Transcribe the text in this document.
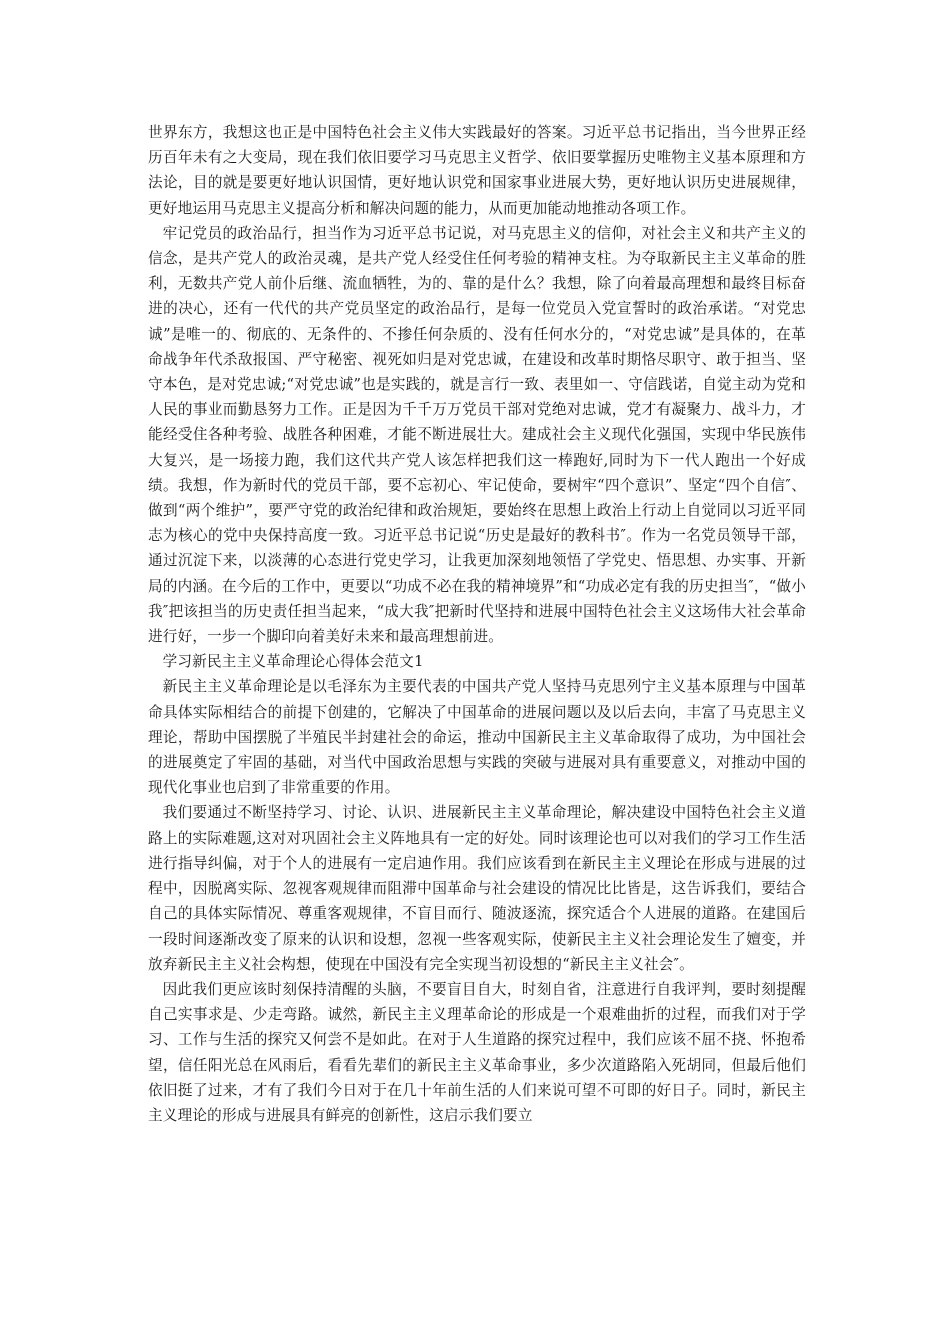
世界东方，我想这也正是中国特色社会主义伟大实践最好的答案。习近平总书记指出，当今世界正经历百年未有之大变局，现在我们依旧要学习马克思主义哲学、依旧要掌握历史唯物主义基本原理和方法论，目的就是要更好地认识国情，更好地认识党和国家事业进展大势，更好地认识历史进展规律，更好地运用马克思主义提高分析和解决问题的能力，从而更加能动地推动各项工作。

牢记党员的政治品行，担当作为习近平总书记说，对马克思主义的信仰，对社会主义和共产主义的信念，是共产党人的政治灵魂，是共产党人经受住任何考验的精神支柱。为夺取新民主主义革命的胜利，无数共产党人前仆后继、流血牺牲，为的、靠的是什么？我想，除了向着最高理想和最终目标奋进的决心，还有一代代的共产党员坚定的政治品行，是每一位党员入党宣誓时的政治承诺。“对党忠诚”是唯一的、彻底的、无条件的、不掺任何杂质的、没有任何水分的，“对党忠诚”是具体的，在革命战争年代杀敌报国、严守秘密、视死如归是对党忠诚，在建设和改革时期恪尽职守、敢于担当、坚守本色，是对党忠诚;“对党忠诚”也是实践的，就是言行一致、表里如一、守信践诺，自觉主动为党和人民的事业而勤恳努力工作。正是因为千千万万党员干部对党绝对忠诚，党才有凝聚力、战斗力，才能经受住各种考验、战胜各种困难，才能不断进展壮大。建成社会主义现代化强国，实现中华民族伟大复兴，是一场接力跑，我们这代共产党人该怎样把我们这一棒跑好,同时为下一代人跑出一个好成绩。我想，作为新时代的党员干部，要不忘初心、牢记使命，要树牢“四个意识”、坚定“四个自信″、做到“两个维护”，要严守党的政治纪律和政治规矩，要始终在思想上政治上行动上自觉同以习近平同志为核心的党中央保持高度一致。习近平总书记说“历史是最好的教科书″。作为一名党员领导干部，通过沉淀下来，以淡薄的心态进行党史学习，让我更加深刻地领悟了学党史、悟思想、办实事、开新局的内涵。在今后的工作中，更要以“功成不必在我的精神境界”和“功成必定有我的历史担当″，“做小我″把该担当的历史责任担当起来，“成大我″把新时代坚持和进展中国特色社会主义这场伟大社会革命进行好，一步一个脚印向着美好未来和最高理想前进。

学习新民主主义革命理论心得体会范文1

新民主主义革命理论是以毛泽东为主要代表的中国共产党人坚持马克思列宁主义基本原理与中国革命具体实际相结合的前提下创建的，它解决了中国革命的进展问题以及以后去向，丰富了马克思主义理论，帮助中国摆脱了半殖民半封建社会的命运，推动中国新民主主义革命取得了成功，为中国社会的进展奠定了牢固的基础，对当代中国政治思想与实践的突破与进展对具有重要意义，对推动中国的现代化事业也启到了非常重要的作用。

我们要通过不断坚持学习、讨论、认识、进展新民主主义革命理论，解决建设中国特色社会主义道路上的实际难题,这对对巩固社会主义阵地具有一定的好处。同时该理论也可以对我们的学习工作生活进行指导纠偏，对于个人的进展有一定启迪作用。我们应该看到在新民主主义理论在形成与进展的过程中，因脱离实际、忽视客观规律而阻滞中国革命与社会建设的情况比比皆是，这告诉我们，要结合自己的具体实际情况、尊重客观规律，不盲目而行、随波逐流，探究适合个人进展的道路。在建国后一段时间逐渐改变了原来的认识和设想，忽视一些客观实际，使新民主主义社会理论发生了嬗变，并放弃新民主主义社会构想，使现在中国没有完全实现当初设想的“新民主主义社会″。

因此我们更应该时刻保持清醒的头脑，不要盲目自大，时刻自省，注意进行自我评判，要时刻提醒自己实事求是、少走弯路。诚然，新民主主义理革命论的形成是一个艰难曲折的过程，而我们对于学习、工作与生活的探究又何尝不是如此。在对于人生道路的探究过程中，我们应该不屈不挠、怀抱希望，信任阳光总在风雨后，看看先辈们的新民主主义革命事业，多少次道路陷入死胡同，但最后他们依旧挺了过来，才有了我们今日对于在几十年前生活的人们来说可望不可即的好日子。同时，新民主主义理论的形成与进展具有鲜亮的创新性，这启示我们要立
